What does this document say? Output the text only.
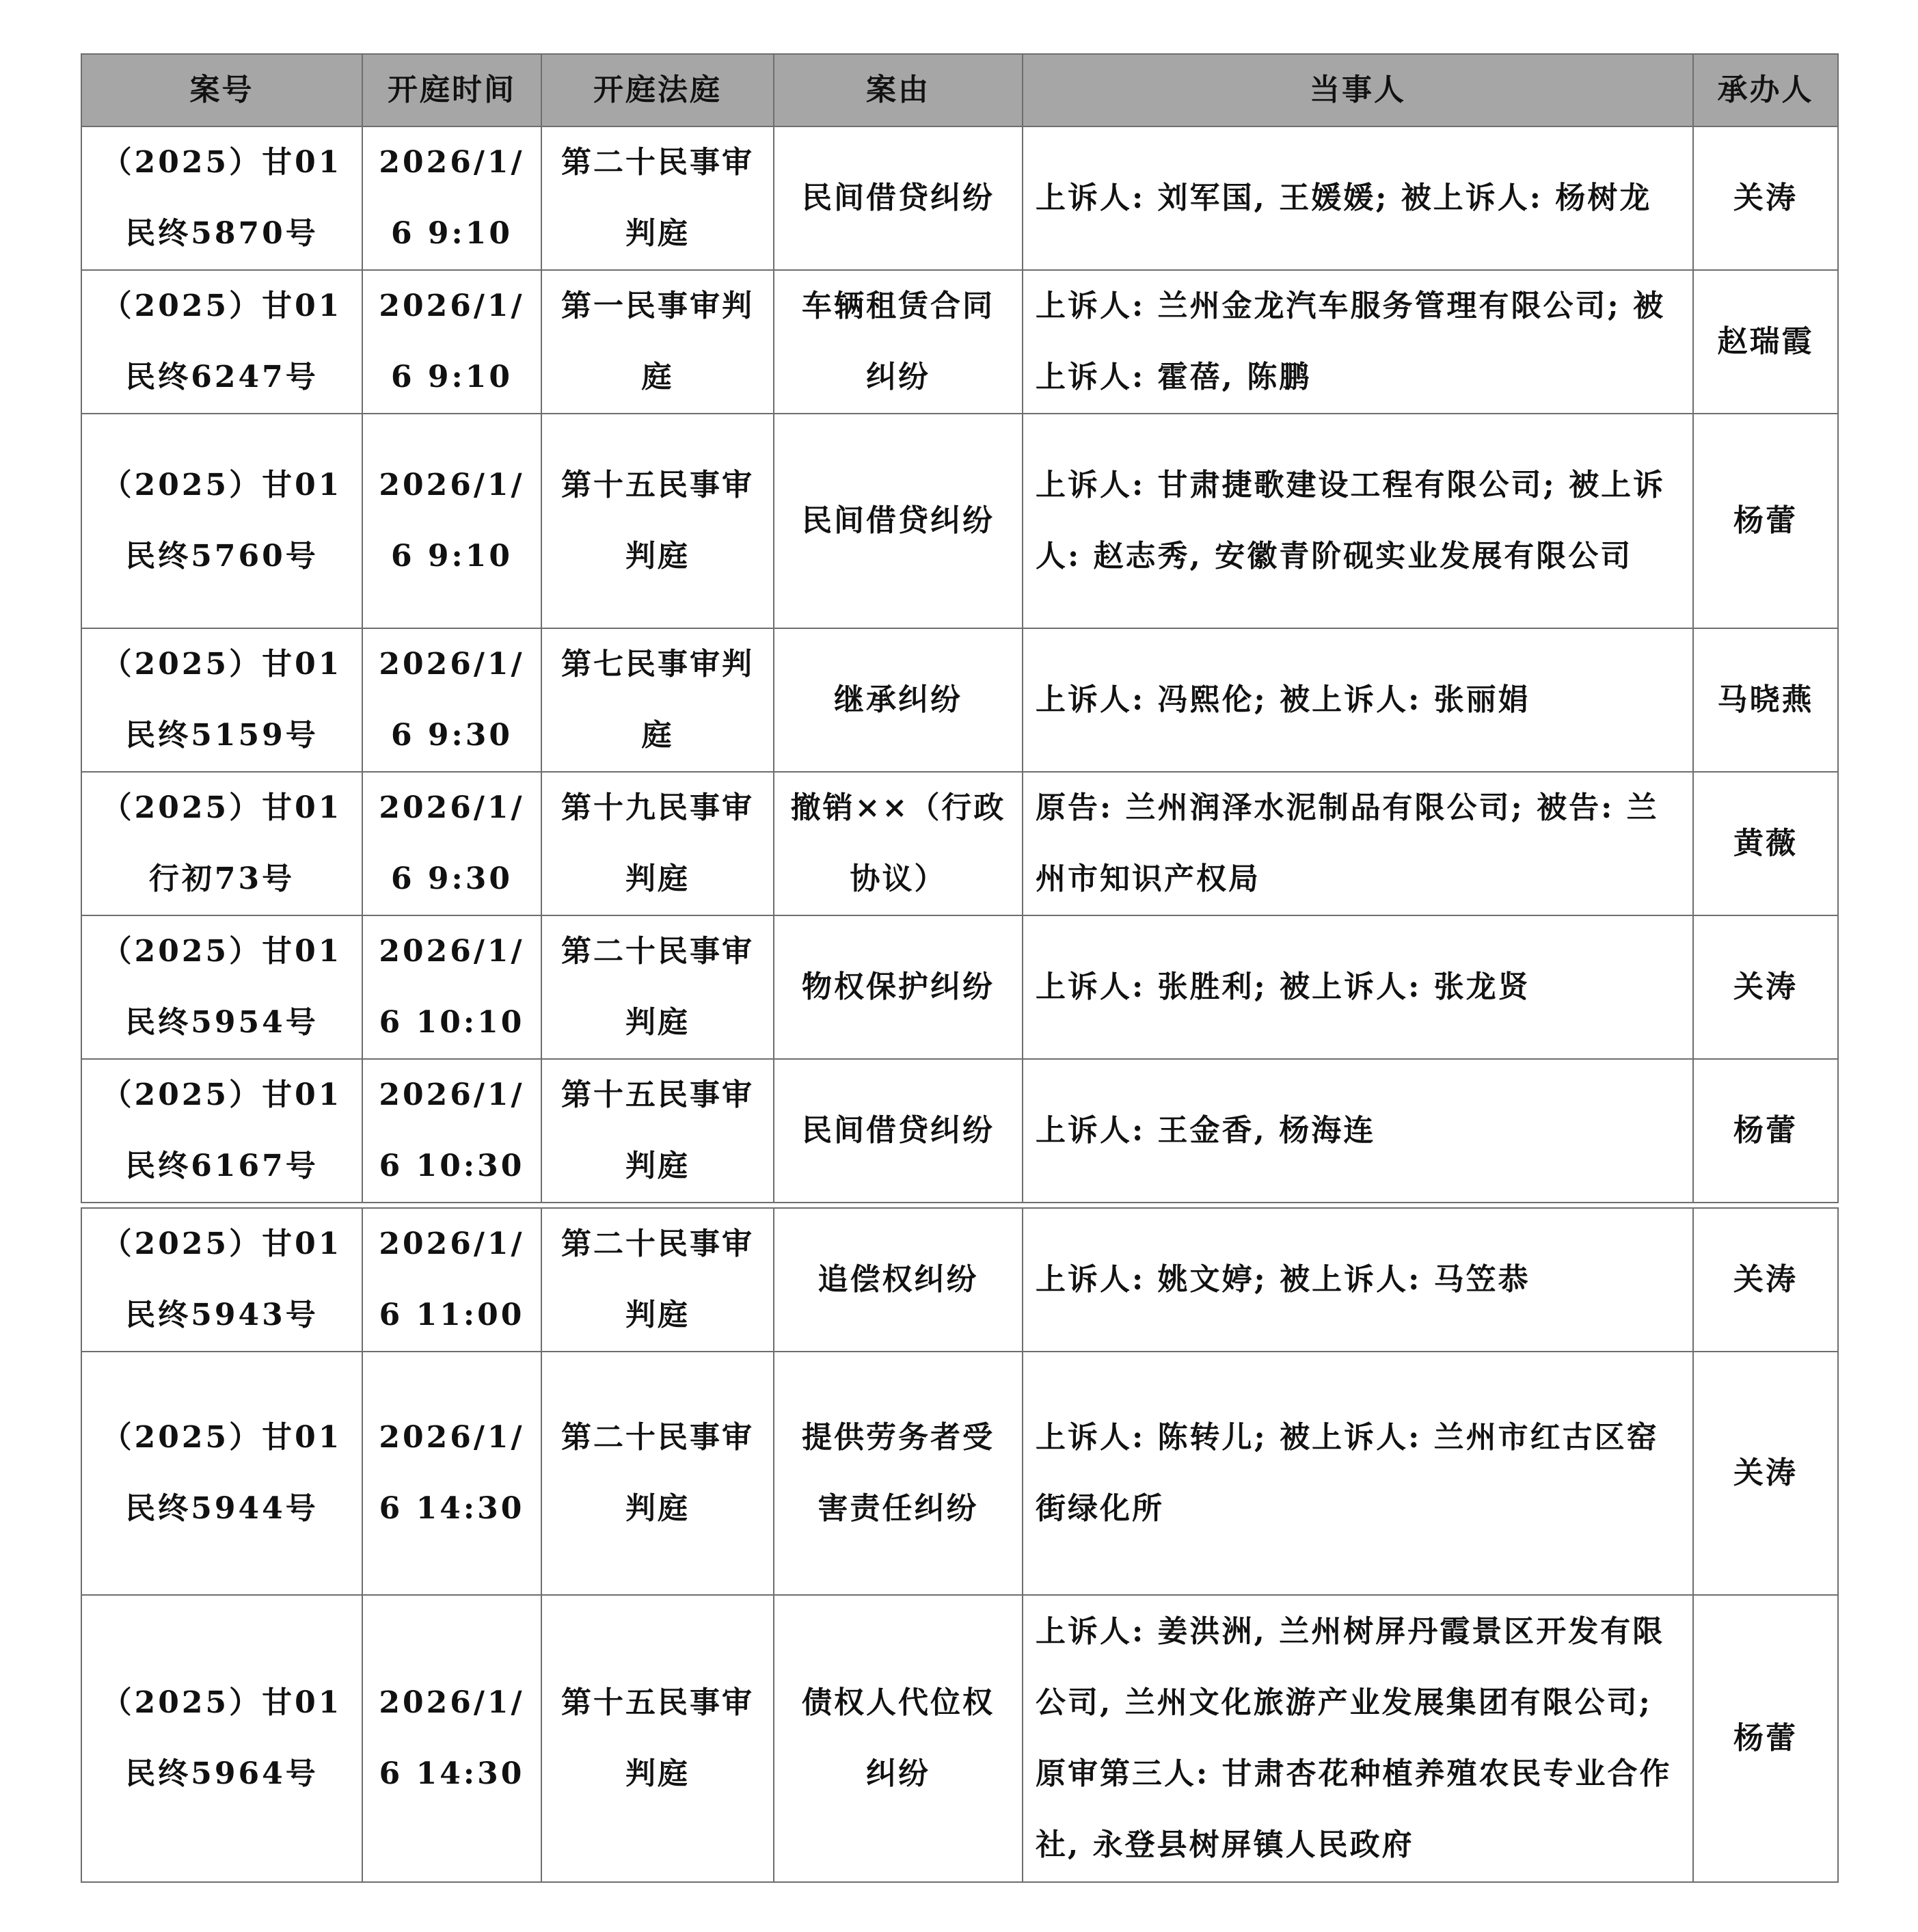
案号	开庭时间	开庭法庭	案由	当事人	承办人
（2025）甘01民终5870号	2026/1/6 9:10	第二十民事审判庭	民间借贷纠纷	上诉人: 刘军国, 王媛媛; 被上诉人: 杨树龙	关涛
（2025）甘01民终6247号	2026/1/6 9:10	第一民事审判庭	车辆租赁合同纠纷	上诉人: 兰州金龙汽车服务管理有限公司; 被上诉人: 霍蓓, 陈鹏	赵瑞霞
（2025）甘01民终5760号	2026/1/6 9:10	第十五民事审判庭	民间借贷纠纷	上诉人: 甘肃捷歌建设工程有限公司; 被上诉人: 赵志秀, 安徽青阶砚实业发展有限公司	杨蕾
（2025）甘01民终5159号	2026/1/6 9:30	第七民事审判庭	继承纠纷	上诉人: 冯熙伦; 被上诉人: 张丽娟	马晓燕
（2025）甘01行初73号	2026/1/6 9:30	第十九民事审判庭	撤销××（行政协议）	原告: 兰州润泽水泥制品有限公司; 被告: 兰州市知识产权局	黄薇
（2025）甘01民终5954号	2026/1/6 10:10	第二十民事审判庭	物权保护纠纷	上诉人: 张胜利; 被上诉人: 张龙贤	关涛
（2025）甘01民终6167号	2026/1/6 10:30	第十五民事审判庭	民间借贷纠纷	上诉人: 王金香, 杨海连	杨蕾

（2025）甘01民终5943号	2026/1/6 11:00	第二十民事审判庭	追偿权纠纷	上诉人: 姚文婷; 被上诉人: 马笠恭	关涛
（2025）甘01民终5944号	2026/1/6 14:30	第二十民事审判庭	提供劳务者受害责任纠纷	上诉人: 陈转儿; 被上诉人: 兰州市红古区窑街绿化所	关涛
（2025）甘01民终5964号	2026/1/6 14:30	第十五民事审判庭	债权人代位权纠纷	上诉人: 姜洪洲, 兰州树屏丹霞景区开发有限公司, 兰州文化旅游产业发展集团有限公司; 原审第三人: 甘肃杏花种植养殖农民专业合作社, 永登县树屏镇人民政府	杨蕾
